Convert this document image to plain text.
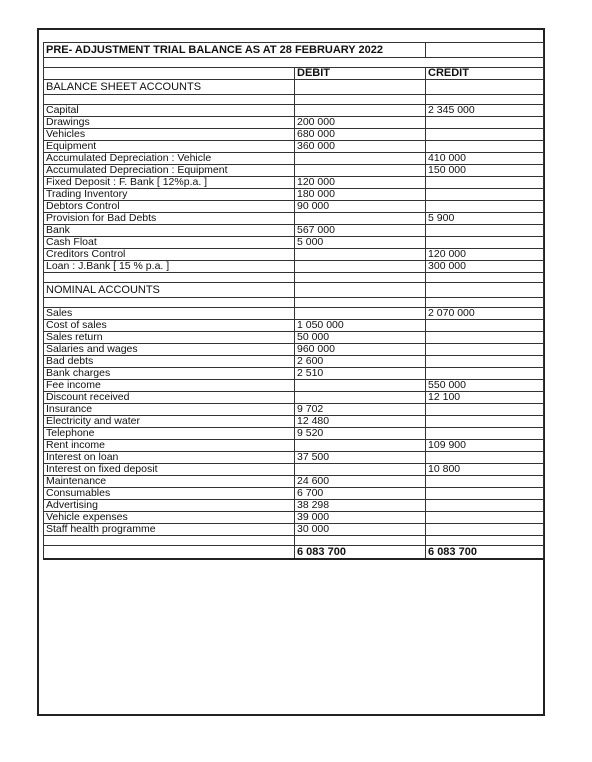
PRE- ADJUSTMENT TRIAL BALANCE AS AT 28 FEBRUARY 2022		

	DEBIT	CREDIT
BALANCE SHEET ACCOUNTS		

Capital		2 345 000
Drawings	200 000	
Vehicles	680 000	
Equipment	360 000	
Accumulated Depreciation : Vehicle		410 000
Accumulated Depreciation : Equipment		150 000
Fixed Deposit : F. Bank [ 12%p.a. ]	120 000	
Trading Inventory	180 000	
Debtors Control	90 000	
Provision for Bad Debts		5 900
Bank	567 000	
Cash Float	5 000	
Creditors Control		120 000
Loan : J.Bank [ 15 % p.a. ]		300 000

NOMINAL ACCOUNTS		

Sales		2 070 000
Cost of sales	1 050 000	
Sales return	50 000	
Salaries and wages	960 000	
Bad debts	2 600	
Bank charges	2 510	
Fee income		550 000
Discount received		12 100
Insurance	9 702	
Electricity and water	12 480	
Telephone	9 520	
Rent income		109 900
Interest on loan	37 500	
Interest on fixed deposit		10 800
Maintenance	24 600	
Consumables	6 700	
Advertising	38 298	
Vehicle expenses	39 000	
Staff health programme	30 000	

	6 083 700	6 083 700
